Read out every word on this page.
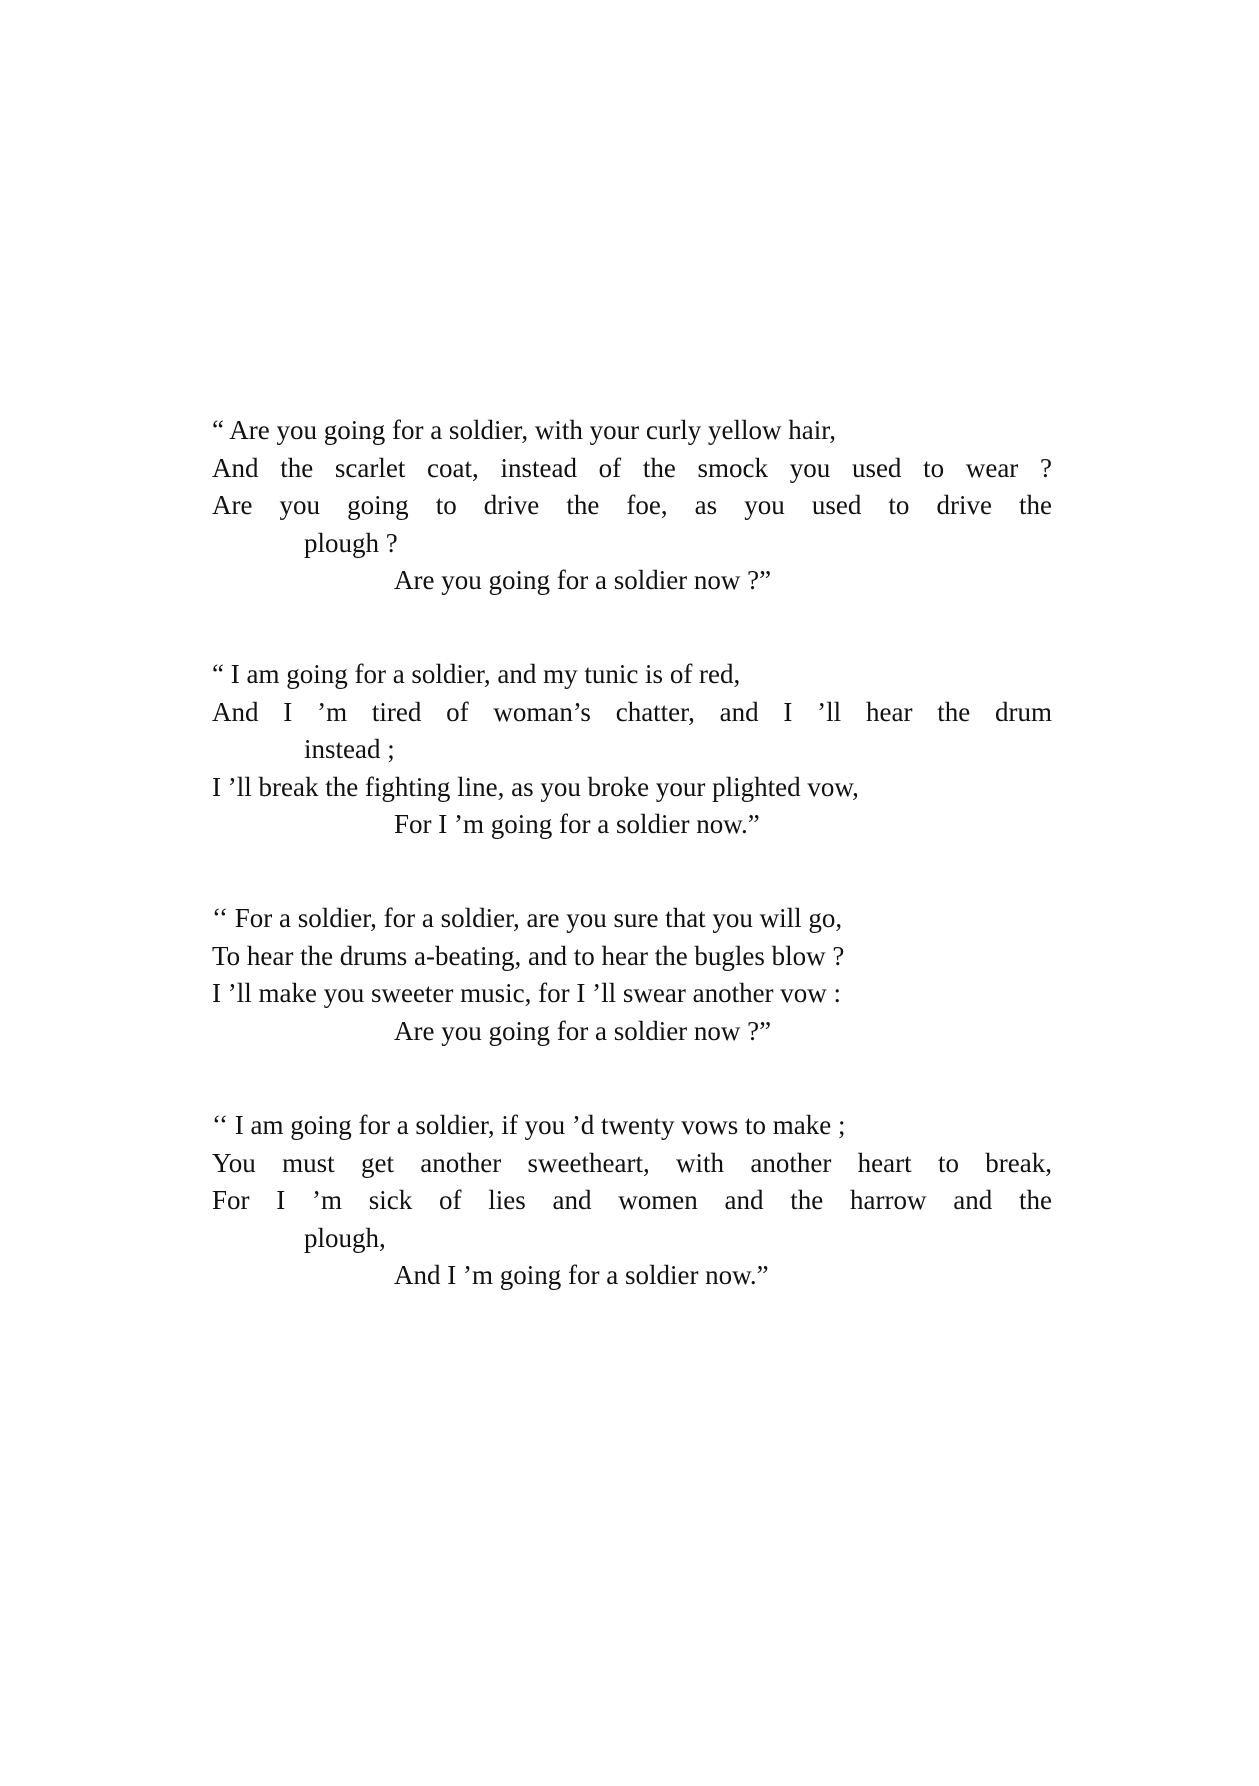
“ Are you going for a soldier, with your curly yellow hair,
And the scarlet coat, instead of the smock you used to wear ?
Are you going to drive the foe, as you used to drive the
plough ?
Are you going for a soldier now ?”
“ I am going for a soldier, and my tunic is of red,
And I ’m tired of woman’s chatter, and I ’ll hear the drum
instead ;
I ’ll break the fighting line, as you broke your plighted vow,
For I ’m going for a soldier now.”
‘‘ For a soldier, for a soldier, are you sure that you will go,
To hear the drums a-beating, and to hear the bugles blow ?
I ’ll make you sweeter music, for I ’ll swear another vow :
Are you going for a soldier now ?”
‘‘ I am going for a soldier, if you ’d twenty vows to make ;
You must get another sweetheart, with another heart to break,
For I ’m sick of lies and women and the harrow and the
plough,
And I ’m going for a soldier now.”
